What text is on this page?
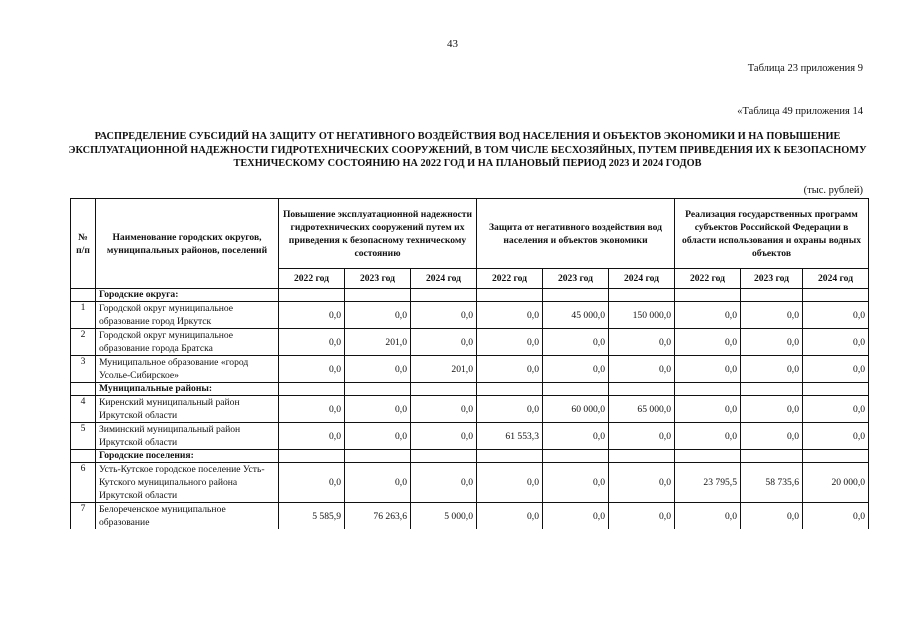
43
Таблица 23 приложения 9
«Таблица 49 приложения 14
РАСПРЕДЕЛЕНИЕ СУБСИДИЙ НА ЗАЩИТУ ОТ НЕГАТИВНОГО ВОЗДЕЙСТВИЯ ВОД НАСЕЛЕНИЯ И ОБЪЕКТОВ ЭКОНОМИКИ И НА ПОВЫШЕНИЕ ЭКСПЛУАТАЦИОННОЙ НАДЕЖНОСТИ ГИДРОТЕХНИЧЕСКИХ СООРУЖЕНИЙ, В ТОМ ЧИСЛЕ БЕСХОЗЯЙНЫХ, ПУТЕМ ПРИВЕДЕНИЯ ИХ К БЕЗОПАСНОМУ ТЕХНИЧЕСКОМУ СОСТОЯНИЮ НА 2022 ГОД И НА ПЛАНОВЫЙ ПЕРИОД 2023 И 2024 ГОДОВ
(тыс. рублей)
№ п/п	Наименование городских округов, муниципальных районов, поселений	Повышение эксплуатационной надежности гидротехнических сооружений путем их приведения к безопасному техническому состоянию			Защита от негативного воздействия вод населения и объектов экономики			Реализация государственных программ субъектов Российской Федерации в области использования и охраны водных объектов		
		2022 год	2023 год	2024 год	2022 год	2023 год	2024 год	2022 год	2023 год	2024 год
	Городские округа:									
1	Городской округ муниципальное образование город Иркутск	0,0	0,0	0,0	0,0	45 000,0	150 000,0	0,0	0,0	0,0
2	Городской округ муниципальное образование города Братска	0,0	201,0	0,0	0,0	0,0	0,0	0,0	0,0	0,0
3	Муниципальное образование «город Усолье-Сибирское»	0,0	0,0	201,0	0,0	0,0	0,0	0,0	0,0	0,0
	Муниципальные районы:									
4	Киренский муниципальный район Иркутской области	0,0	0,0	0,0	0,0	60 000,0	65 000,0	0,0	0,0	0,0
5	Зиминский муниципальный район Иркутской области	0,0	0,0	0,0	61 553,3	0,0	0,0	0,0	0,0	0,0
	Городские поселения:									
6	Усть-Кутское городское поселение Усть-Кутского муниципального района Иркутской области	0,0	0,0	0,0	0,0	0,0	0,0	23 795,5	58 735,6	20 000,0
7	Белореченское муниципальное образование	5 585,9	76 263,6	5 000,0	0,0	0,0	0,0	0,0	0,0	0,0
